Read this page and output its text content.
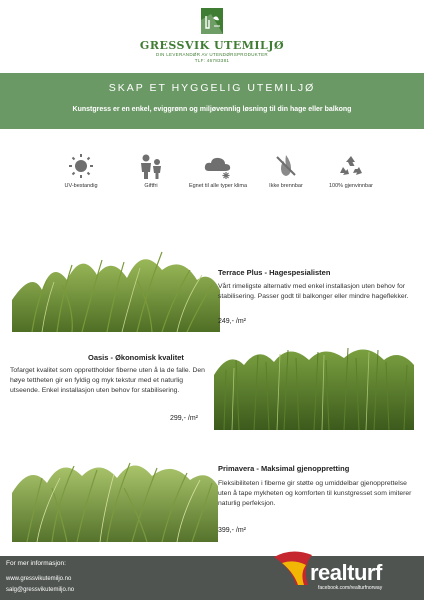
GRESSVIK UTEMILJØ
DIN LEVERANDØR AV UTENDØRSPRODUKTER
TLF: 46783381
SKAP ET HYGGELIG UTEMILJØ
Kunstgress er en enkel, eviggrønn og miljøvennlig løsning til din hage eller balkong
UV-bestandig	Giftfri	Egnet til alle typer klima	Ikke brennbar	100% gjenvinnbar
Terrace Plus - Hagespesialisten
Vårt rimeligste alternativ med enkel installasjon uten behov for stabilisering. Passer godt til balkonger eller mindre hageflekker.
249,- /m²
Oasis - Økonomisk kvalitet
Tofarget kvalitet som opprettholder fiberne uten å la de falle. Den høye tettheten gir en fyldig og myk tekstur med et naturlig utseende. Enkel installasjon uten behov for stabilisering.
299,- /m²
Primavera - Maksimal gjenoppretting
Fleksibiliteten i fiberne gir støtte og umiddelbar gjenopprettelse uten å tape mykheten og komforten til kunstgresset som imiterer naturlig perfeksjon.
399,- /m²
For mer informasjon:
www.gressvikutemiljo.no
salg@gressvikutemiljo.no
realturf
facebook.com/realturfnorway
